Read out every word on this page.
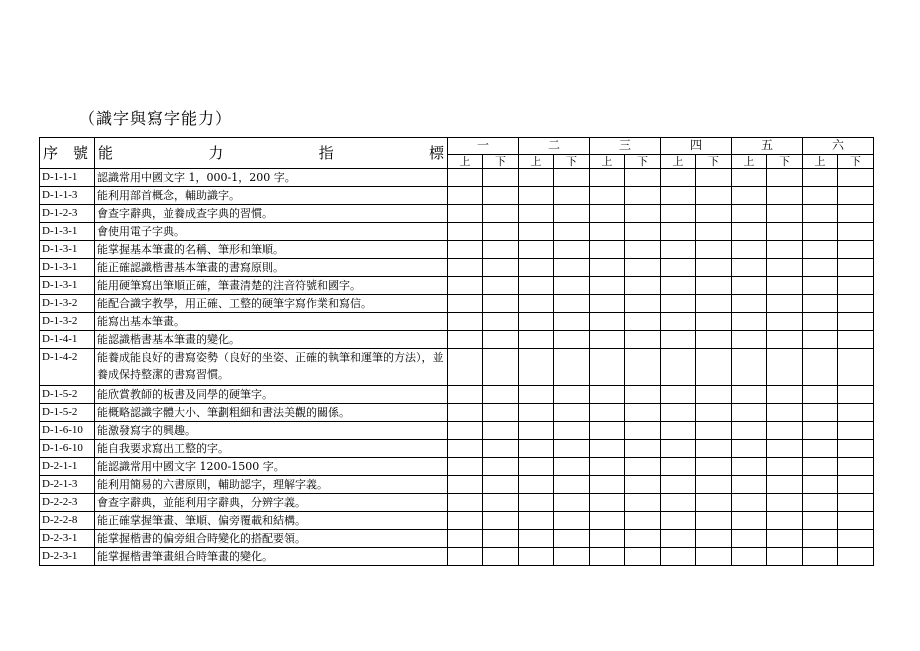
（識字與寫字能力）
序　號	能 力 指 標	一		二		三		四		五		六	
		上	下	上	下	上	下	上	下	上	下	上	下
D-1-1-1	認識常用中國文字 1，000-1，200 字。												
D-1-1-3	能利用部首概念，輔助識字。												
D-1-2-3	會查字辭典，並養成查字典的習慣。												
D-1-3-1	會使用電子字典。												
D-1-3-1	能掌握基本筆畫的名稱、筆形和筆順。												
D-1-3-1	能正確認識楷書基本筆畫的書寫原則。												
D-1-3-1	能用硬筆寫出筆順正確，筆畫清楚的注音符號和國字。												
D-1-3-2	能配合識字教學，用正確、工整的硬筆字寫作業和寫信。												
D-1-3-2	能寫出基本筆畫。												
D-1-4-1	能認識楷書基本筆畫的變化。												
D-1-4-2	能養成能良好的書寫姿勢（良好的坐姿、正確的執筆和運筆的方法），並養成保持整潔的書寫習慣。												
D-1-5-2	能欣賞教師的板書及同學的硬筆字。												
D-1-5-2	能概略認識字體大小、筆劃粗細和書法美觀的關係。												
D-1-6-10	能激發寫字的興趣。												
D-1-6-10	能自我要求寫出工整的字。												
D-2-1-1	能認識常用中國文字 1200-1500 字。												
D-2-1-3	能利用簡易的六書原則，輔助認字，理解字義。												
D-2-2-3	會查字辭典，並能利用字辭典，分辨字義。												
D-2-2-8	能正確掌握筆畫、筆順、偏旁覆載和結構。												
D-2-3-1	能掌握楷書的偏旁組合時變化的搭配要領。												
D-2-3-1	能掌握楷書筆畫組合時筆畫的變化。												
